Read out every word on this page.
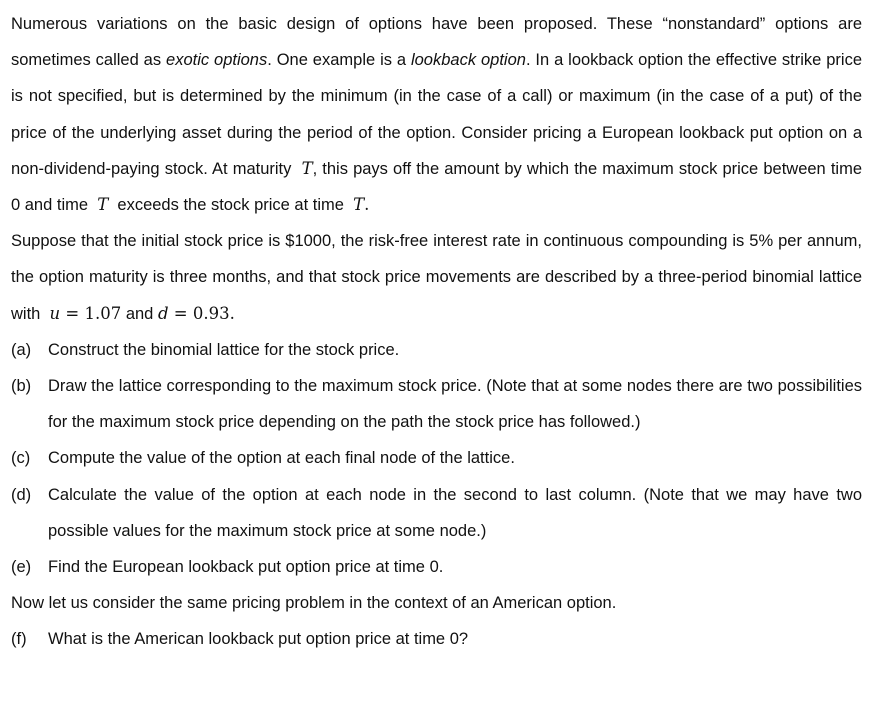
Numerous variations on the basic design of options have been proposed. These “nonstandard” options are sometimes called as exotic options. One example is a lookback option. In a lookback option the effective strike price is not specified, but is determined by the minimum (in the case of a call) or maximum (in the case of a put) of the price of the underlying asset during the period of the option. Consider pricing a European lookback put option on a non-dividend-paying stock. At maturity T, this pays off the amount by which the maximum stock price between time 0 and time T exceeds the stock price at time T.

Suppose that the initial stock price is $1000, the risk-free interest rate in continuous compounding is 5% per annum, the option maturity is three months, and that stock price movements are described by a three-period binomial lattice with u = 1.07 and d = 0.93.

(a)	Construct the binomial lattice for the stock price.
(b)	Draw the lattice corresponding to the maximum stock price. (Note that at some nodes there are two possibilities for the maximum stock price depending on the path the stock price has followed.)
(c)	Compute the value of the option at each final node of the lattice.
(d)	Calculate the value of the option at each node in the second to last column. (Note that we may have two possible values for the maximum stock price at some node.)
(e)	Find the European lookback put option price at time 0.

Now let us consider the same pricing problem in the context of an American option.

(f)	What is the American lookback put option price at time 0?
